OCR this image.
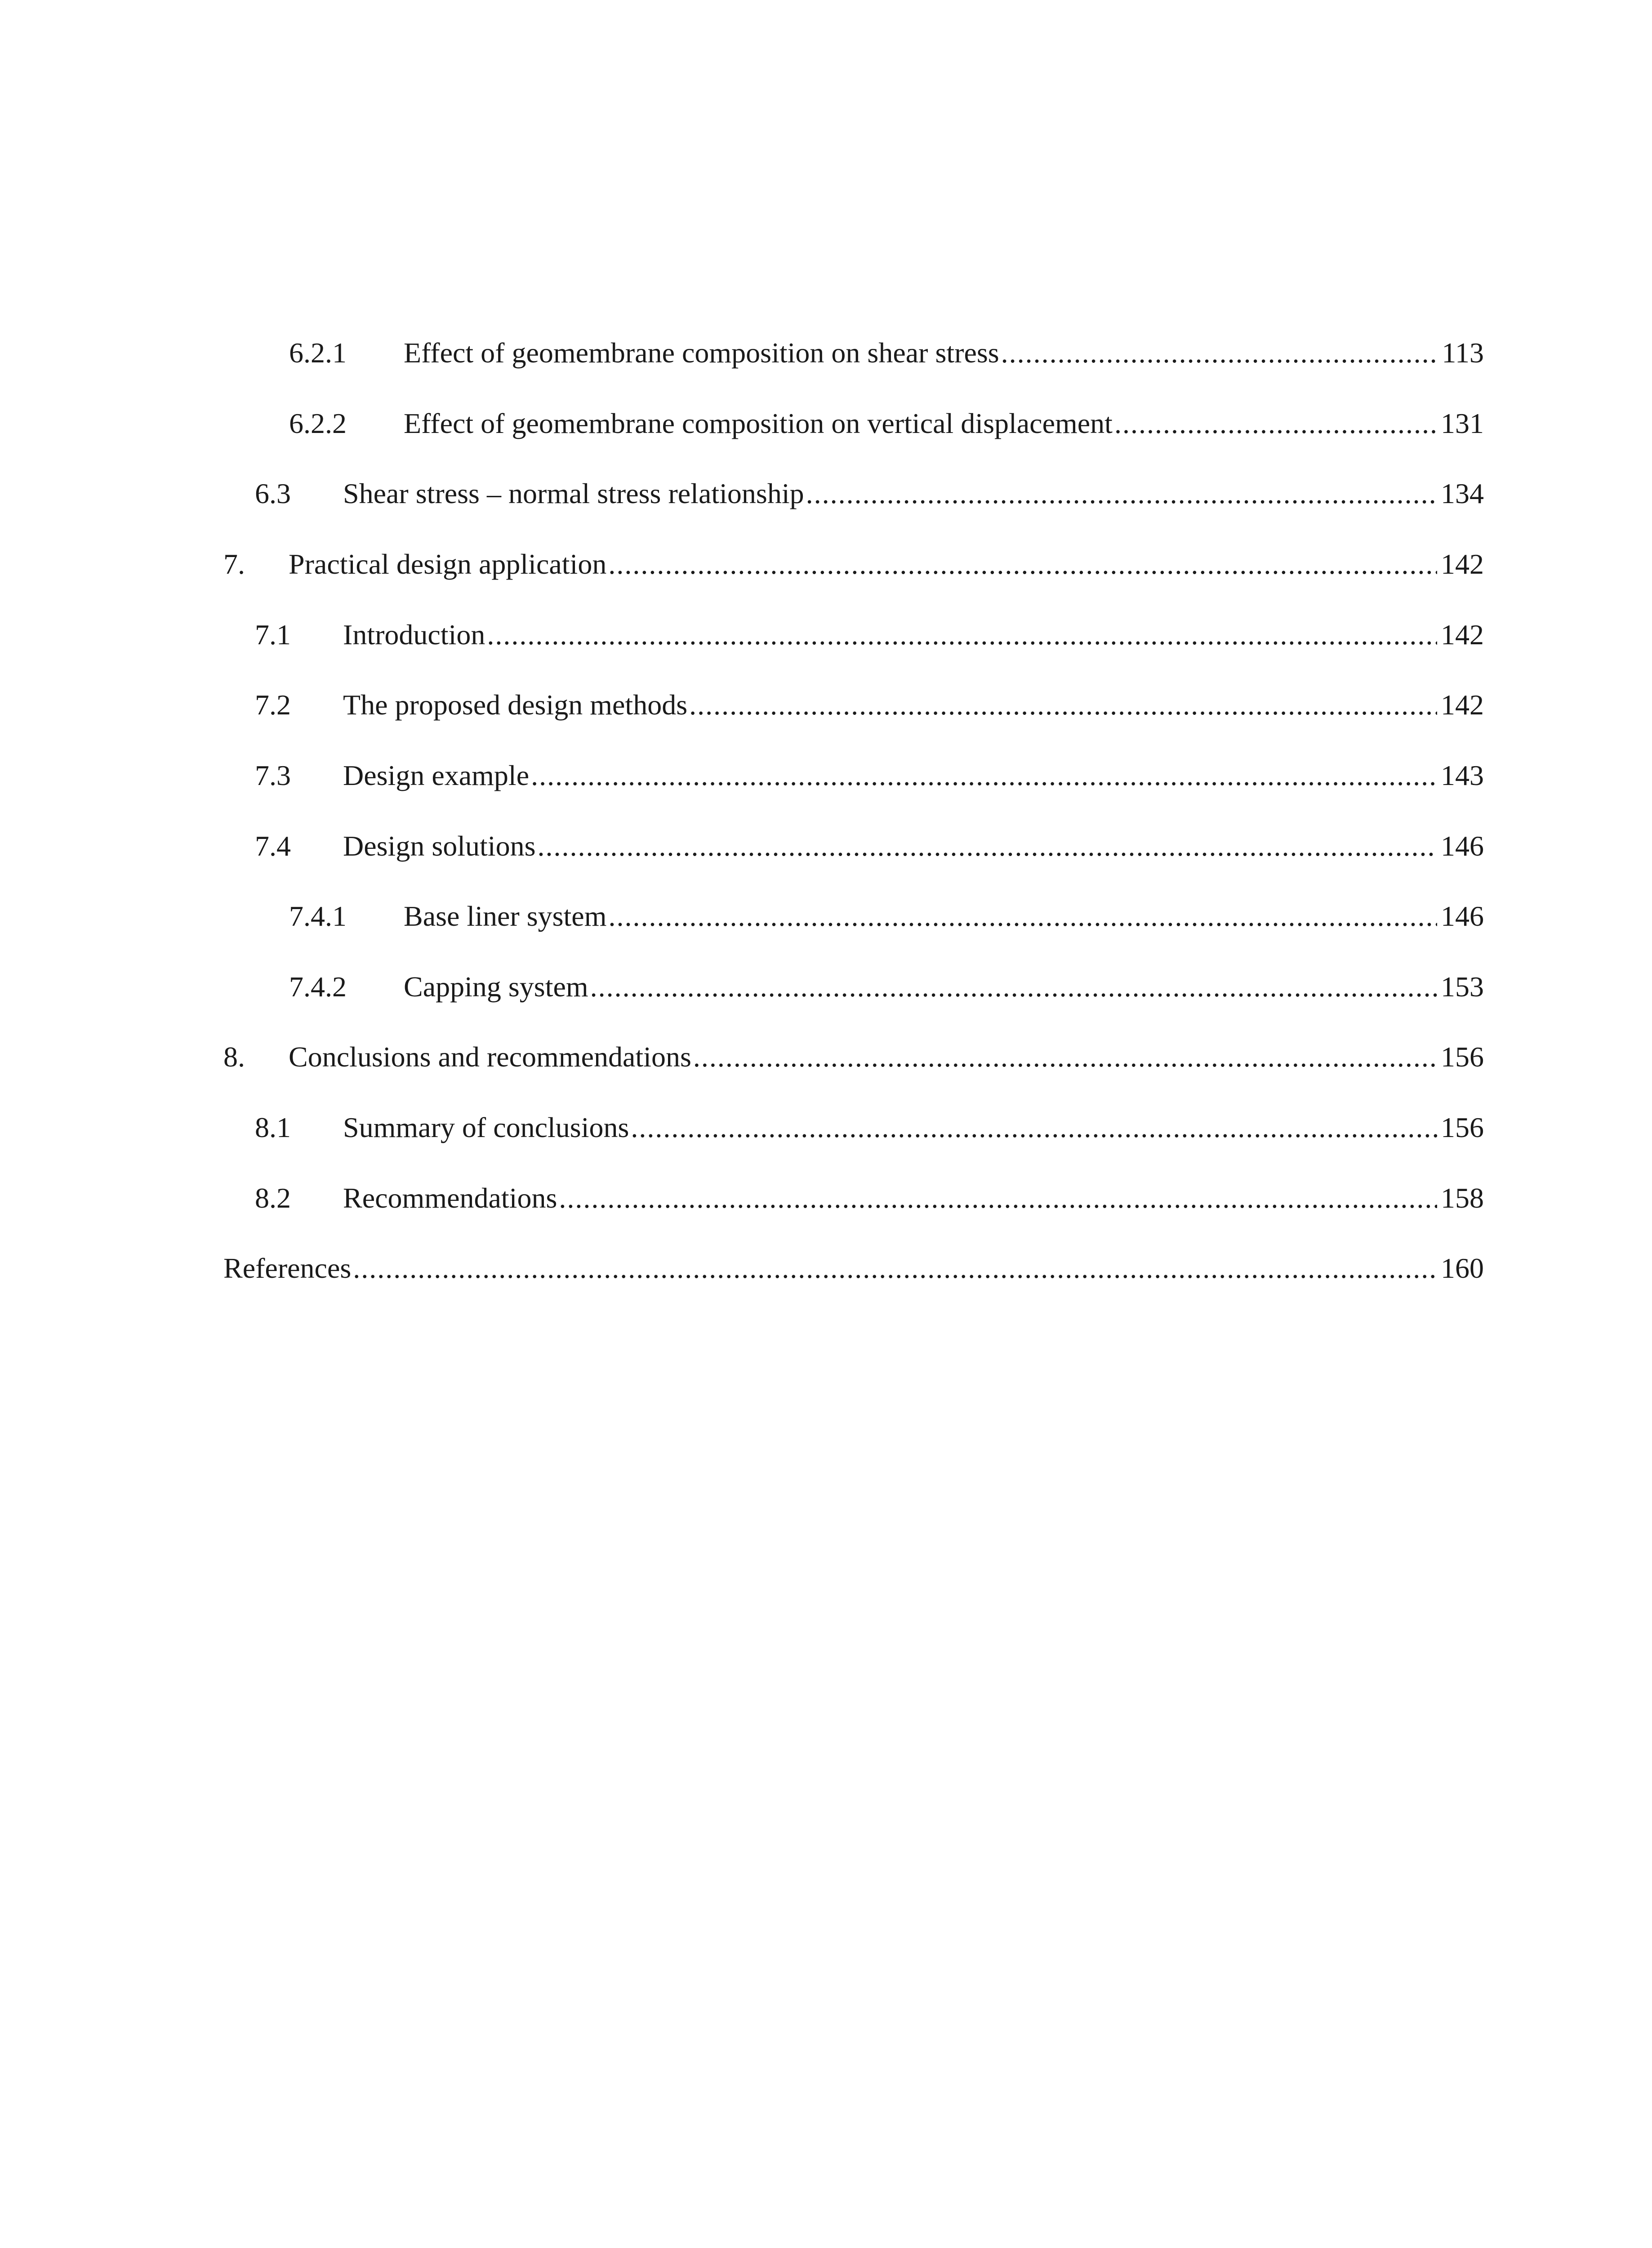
6.2.1	Effect of geomembrane composition on shear stress .....	113
6.2.2	Effect of geomembrane composition on vertical displacement .....	131
6.3	Shear stress – normal stress relationship .....	134
7.	Practical design application .....	142
7.1	Introduction .....	142
7.2	The proposed design methods .....	142
7.3	Design example .....	143
7.4	Design solutions .....	146
7.4.1	Base liner system .....	146
7.4.2	Capping system .....	153
8.	Conclusions and recommendations .....	156
8.1	Summary of conclusions .....	156
8.2	Recommendations .....	158
References .....	160
